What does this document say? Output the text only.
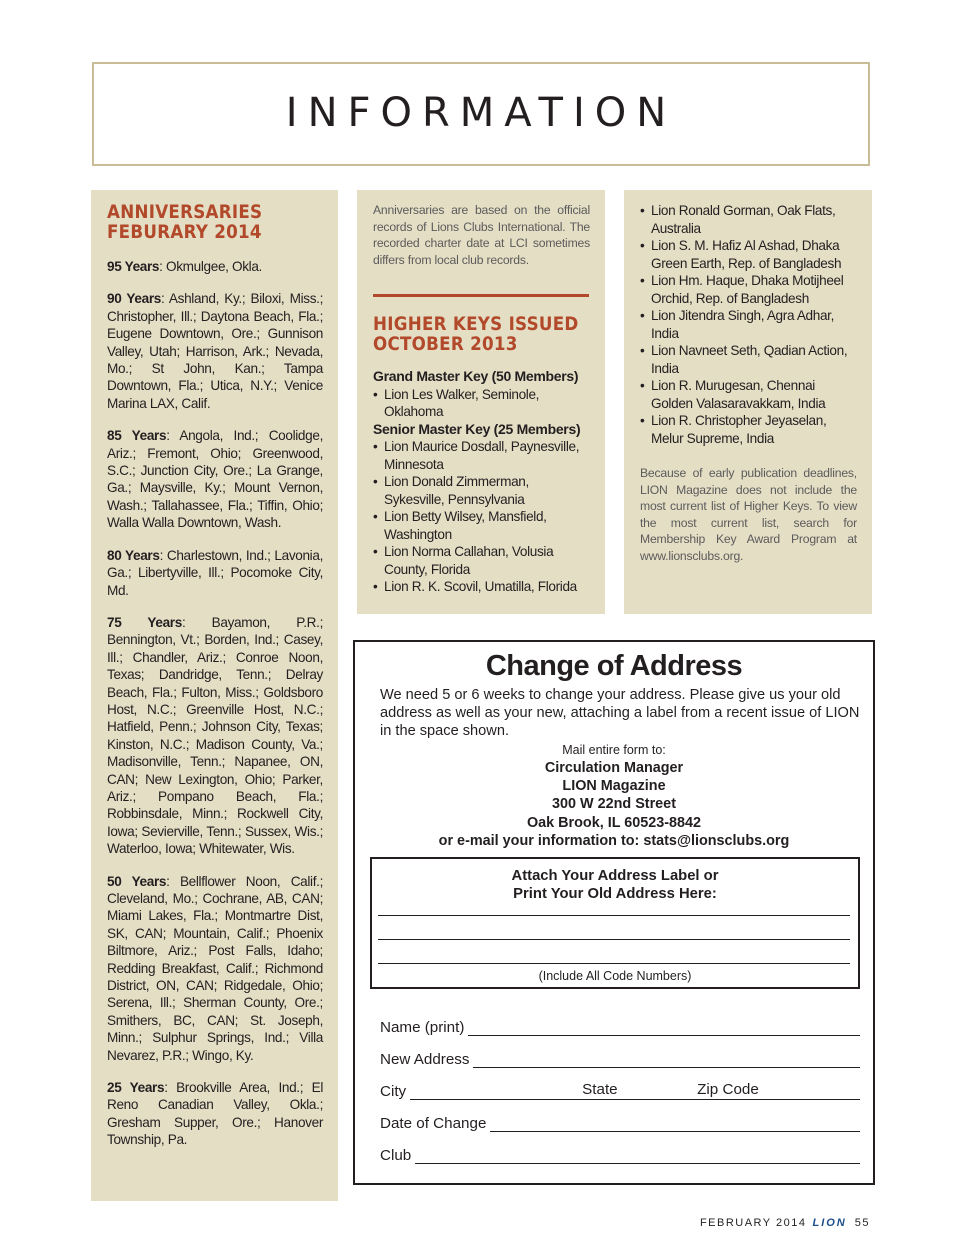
INFORMATION
ANNIVERSARIES
FEBURARY 2014

95 Years: Okmulgee, Okla.

90 Years: Ashland, Ky.; Biloxi, Miss.; Christopher, Ill.; Daytona Beach, Fla.; Eugene Downtown, Ore.; Gunnison Valley, Utah; Harrison, Ark.; Nevada, Mo.; St John, Kan.; Tampa Downtown, Fla.; Utica, N.Y.; Venice Marina LAX, Calif.

85 Years: Angola, Ind.; Coolidge, Ariz.; Fremont, Ohio; Greenwood, S.C.; Junction City, Ore.; La Grange, Ga.; Maysville, Ky.; Mount Vernon, Wash.; Tallahassee, Fla.; Tiffin, Ohio; Walla Walla Downtown, Wash.

80 Years: Charlestown, Ind.; Lavonia, Ga.; Libertyville, Ill.; Pocomoke City, Md.

75 Years: Bayamon, P.R.; Bennington, Vt.; Borden, Ind.; Casey, Ill.; Chandler, Ariz.; Conroe Noon, Texas; Dandridge, Tenn.; Delray Beach, Fla.; Fulton, Miss.; Goldsboro Host, N.C.; Greenville Host, N.C.; Hatfield, Penn.; Johnson City, Texas; Kinston, N.C.; Madison County, Va.; Madisonville, Tenn.; Napanee, ON, CAN; New Lexington, Ohio; Parker, Ariz.; Pompano Beach, Fla.; Robbinsdale, Minn.; Rockwell City, Iowa; Sevierville, Tenn.; Sussex, Wis.; Waterloo, Iowa; Whitewater, Wis.

50 Years: Bellflower Noon, Calif.; Cleveland, Mo.; Cochrane, AB, CAN; Miami Lakes, Fla.; Montmartre Dist, SK, CAN; Mountain, Calif.; Phoenix Biltmore, Ariz.; Post Falls, Idaho; Redding Breakfast, Calif.; Richmond District, ON, CAN; Ridgedale, Ohio; Serena, Ill.; Sherman County, Ore.; Smithers, BC, CAN; St. Joseph, Minn.; Sulphur Springs, Ind.; Villa Nevarez, P.R.; Wingo, Ky.

25 Years: Brookville Area, Ind.; El Reno Canadian Valley, Okla.; Gresham Supper, Ore.; Hanover Township, Pa.

Anniversaries are based on the official records of Lions Clubs International. The recorded charter date at LCI sometimes differs from local club records.

HIGHER KEYS ISSUED
OCTOBER 2013
Grand Master Key (50 Members)
• Lion Les Walker, Seminole, Oklahoma
Senior Master Key (25 Members)
• Lion Maurice Dosdall, Paynesville, Minnesota
• Lion Donald Zimmerman, Sykesville, Pennsylvania
• Lion Betty Wilsey, Mansfield, Washington
• Lion Norma Callahan, Volusia County, Florida
• Lion R. K. Scovil, Umatilla, Florida
• Lion Ronald Gorman, Oak Flats, Australia
• Lion S. M. Hafiz Al Ashad, Dhaka Green Earth, Rep. of Bangladesh
• Lion Hm. Haque, Dhaka Motijheel Orchid, Rep. of Bangladesh
• Lion Jitendra Singh, Agra Adhar, India
• Lion Navneet Seth, Qadian Action, India
• Lion R. Murugesan, Chennai Golden Valasaravakkam, India
• Lion R. Christopher Jeyaselan, Melur Supreme, India

Because of early publication deadlines, LION Magazine does not include the most current list of Higher Keys. To view the most current list, search for Membership Key Award Program at www.lionsclubs.org.

Change of Address

We need 5 or 6 weeks to change your address. Please give us your old address as well as your new, attaching a label from a recent issue of LION in the space shown.

Mail entire form to:
Circulation Manager
LION Magazine
300 W 22nd Street
Oak Brook, IL 60523-8842
or e-mail your information to: stats@lionsclubs.org
Attach Your Address Label or
Print Your Old Address Here:
(Include All Code Numbers)
Name (print)
New Address
City	State	Zip Code
Date of Change
Club
FEBRUARY 2014 LION 55
